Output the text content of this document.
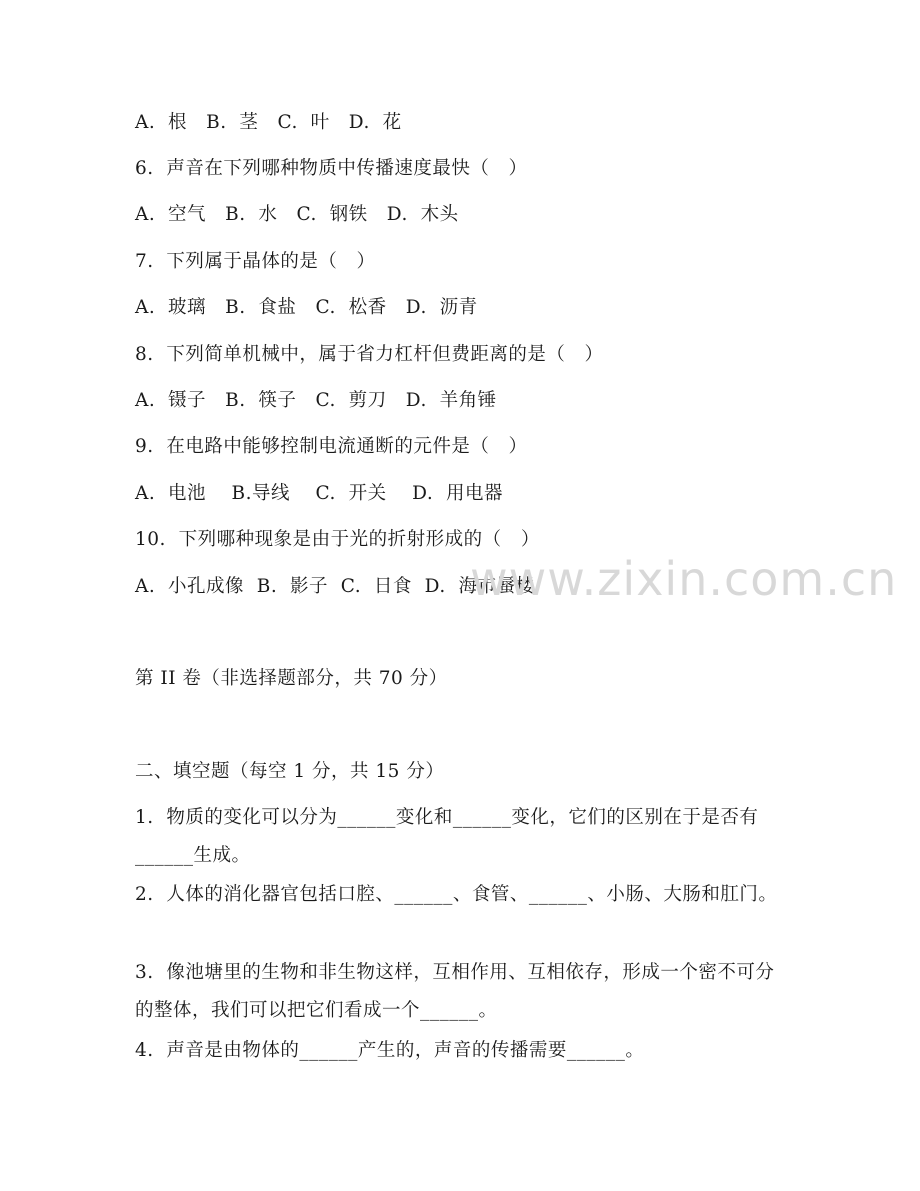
A.  根   B.  茎   C.  叶   D.  花
6.  声音在下列哪种物质中传播速度最快（   ）
A.  空气   B.  水   C.  钢铁   D.  木头
7.  下列属于晶体的是（   ）
A.  玻璃   B.  食盐   C.  松香   D.  沥青
8.  下列简单机械中，属于省力杠杆但费距离的是（   ）
A.  镊子   B.  筷子   C.  剪刀   D.  羊角锤
9.  在电路中能够控制电流通断的元件是（   ）
A.  电池    B.导线    C.  开关    D.  用电器
10.  下列哪种现象是由于光的折射形成的（   ）
A.  小孔成像  B.  影子  C.  日食  D.  海市蜃楼
www.zixin.com.cn
第 II 卷（非选择题部分，共 70 分）
二、填空题（每空 1 分，共 15 分）
1.  物质的变化可以分为______变化和______变化，它们的区别在于是否有______生成。
2.  人体的消化器官包括口腔、______、食管、______、小肠、大肠和肛门。
3.  像池塘里的生物和非生物这样，互相作用、互相依存，形成一个密不可分的整体，我们可以把它们看成一个______。
4.  声音是由物体的______产生的，声音的传播需要______。
